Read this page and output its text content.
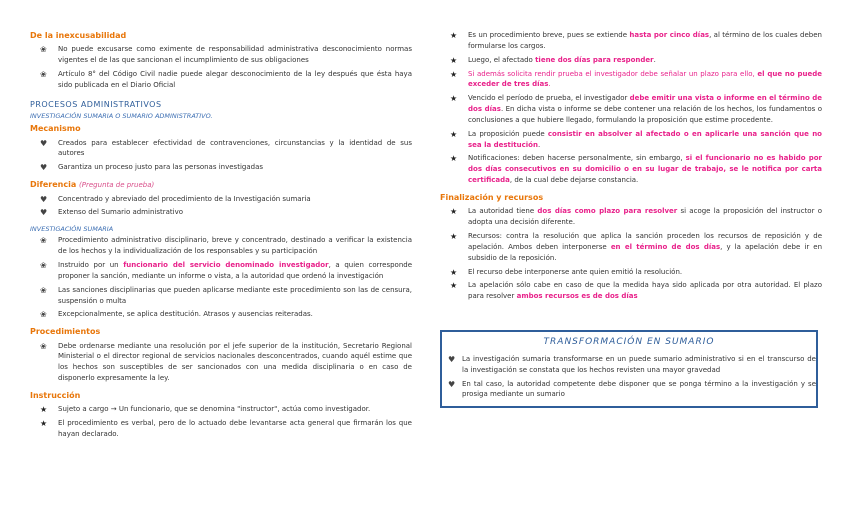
De la inexcusabilidad
❀ No puede excusarse como eximente de responsabilidad administrativa desconocimiento normas vigentes el de las que sancionan el incumplimiento de sus obligaciones
❀ Artículo 8° del Código Civil nadie puede alegar desconocimiento de la ley después que ésta haya sido publicada en el Diario Oficial
PROCESOS ADMINISTRATIVOS
INVESTIGACIÓN SUMARIA O SUMARIO ADMINISTRATIVO.
Mecanismo
♥ Creados para establecer efectividad de contravenciones, circunstancias y la identidad de sus autores
♥ Garantiza un proceso justo para las personas investigadas
Diferencia (Pregunta de prueba)
♥ Concentrado y abreviado del procedimiento de la Investigación sumaria
♥ Extenso del Sumario administrativo
INVESTIGACIÓN SUMARIA
❀ Procedimiento administrativo disciplinario, breve y concentrado, destinado a verificar la existencia de los hechos y la individualización de los responsables y su participación
❀ Instruido por un funcionario del servicio denominado investigador, a quien corresponde proponer la sanción, mediante un informe o vista, a la autoridad que ordenó la investigación
❀ Las sanciones disciplinarias que pueden aplicarse mediante este procedimiento son las de censura, suspensión o multa
❀ Excepcionalmente, se aplica destitución. Atrasos y ausencias reiteradas.
Procedimientos
❀ Debe ordenarse mediante una resolución por el jefe superior de la institución, Secretario Regional Ministerial o el director regional de servicios nacionales desconcentrados, cuando aquél estime que los hechos son susceptibles de ser sancionados con una medida disciplinaria o en caso de disponerlo expresamente la ley.
Instrucción
★ Sujeto a cargo → Un funcionario, que se denomina "instructor", actúa como investigador.
★ El procedimiento es verbal, pero de lo actuado debe levantarse acta general que firmarán los que hayan declarado.
★ Es un procedimiento breve, pues se extiende hasta por cinco días, al término de los cuales deben formularse los cargos.
★ Luego, el afectado tiene dos días para responder.
★ Si además solicita rendir prueba el investigador debe señalar un plazo para ello, el que no puede exceder de tres días.
★ Vencido el período de prueba, el investigador debe emitir una vista o informe en el término de dos días. En dicha vista o informe se debe contener una relación de los hechos, los fundamentos o conclusiones a que hubiere llegado, formulando la proposición que estime procedente.
★ La proposición puede consistir en absolver al afectado o en aplicarle una sanción que no sea la destitución.
★ Notificaciones: deben hacerse personalmente, sin embargo, si el funcionario no es habido por dos días consecutivos en su domicilio o en su lugar de trabajo, se le notifica por carta certificada, de la cual debe dejarse constancia.
Finalización y recursos
★ La autoridad tiene dos días como plazo para resolver si acoge la proposición del instructor o adopta una decisión diferente.
★ Recursos: contra la resolución que aplica la sanción proceden los recursos de reposición y de apelación. Ambos deben interponerse en el término de dos días, y la apelación debe ir en subsidio de la reposición.
★ El recurso debe interponerse ante quien emitió la resolución.
★ La apelación sólo cabe en caso de que la medida haya sido aplicada por otra autoridad. El plazo para resolver ambos recursos es de dos días
TRANSFORMACIÓN EN SUMARIO
♥ La investigación sumaria transformarse en un puede sumario administrativo si en el transcurso de la investigación se constata que los hechos revisten una mayor gravedad
♥ En tal caso, la autoridad competente debe disponer que se ponga término a la investigación y se prosiga mediante un sumario
